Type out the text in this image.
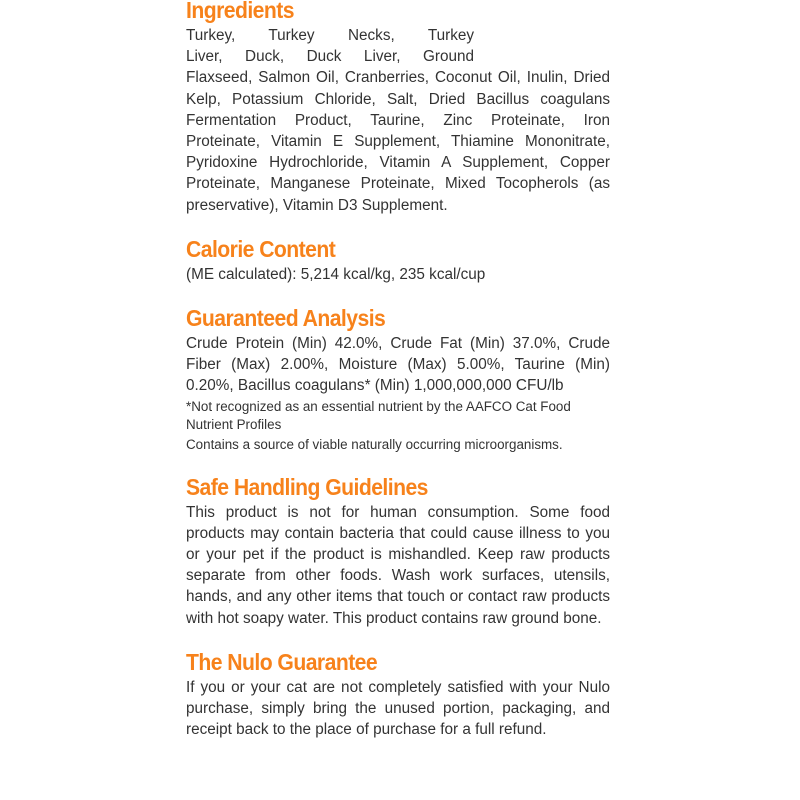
Ingredients
Turkey, Turkey Necks, Turkey
Liver, Duck, Duck Liver, Ground
Flaxseed, Salmon Oil, Cranberries, Coconut Oil, Inulin, Dried Kelp, Potassium Chloride, Salt, Dried Bacillus coagulans Fermentation Product, Taurine, Zinc Proteinate, Iron Proteinate, Vitamin E Supplement, Thiamine Mononitrate, Pyridoxine Hydrochloride, Vitamin A Supplement, Copper Proteinate, Manganese Proteinate, Mixed Tocopherols (as preservative), Vitamin D3 Supplement.
Calorie Content

(ME calculated): 5,214 kcal/kg, 235 kcal/cup

Guaranteed Analysis

Crude Protein (Min) 42.0%, Crude Fat (Min) 37.0%, Crude Fiber (Max) 2.00%, Moisture (Max) 5.00%, Taurine (Min) 0.20%, Bacillus coagulans* (Min) 1,000,000,000 CFU/lb

*Not recognized as an essential nutrient by the AAFCO Cat Food Nutrient Profiles

Contains a source of viable naturally occurring microorganisms.

Safe Handling Guidelines

This product is not for human consumption. Some food products may contain bacteria that could cause illness to you or your pet if the product is mishandled. Keep raw products separate from other foods. Wash work surfaces, utensils, hands, and any other items that touch or contact raw products with hot soapy water. This product contains raw ground bone.

The Nulo Guarantee

If you or your cat are not completely satisfied with your Nulo purchase, simply bring the unused portion, packaging, and receipt back to the place of purchase for a full refund.
